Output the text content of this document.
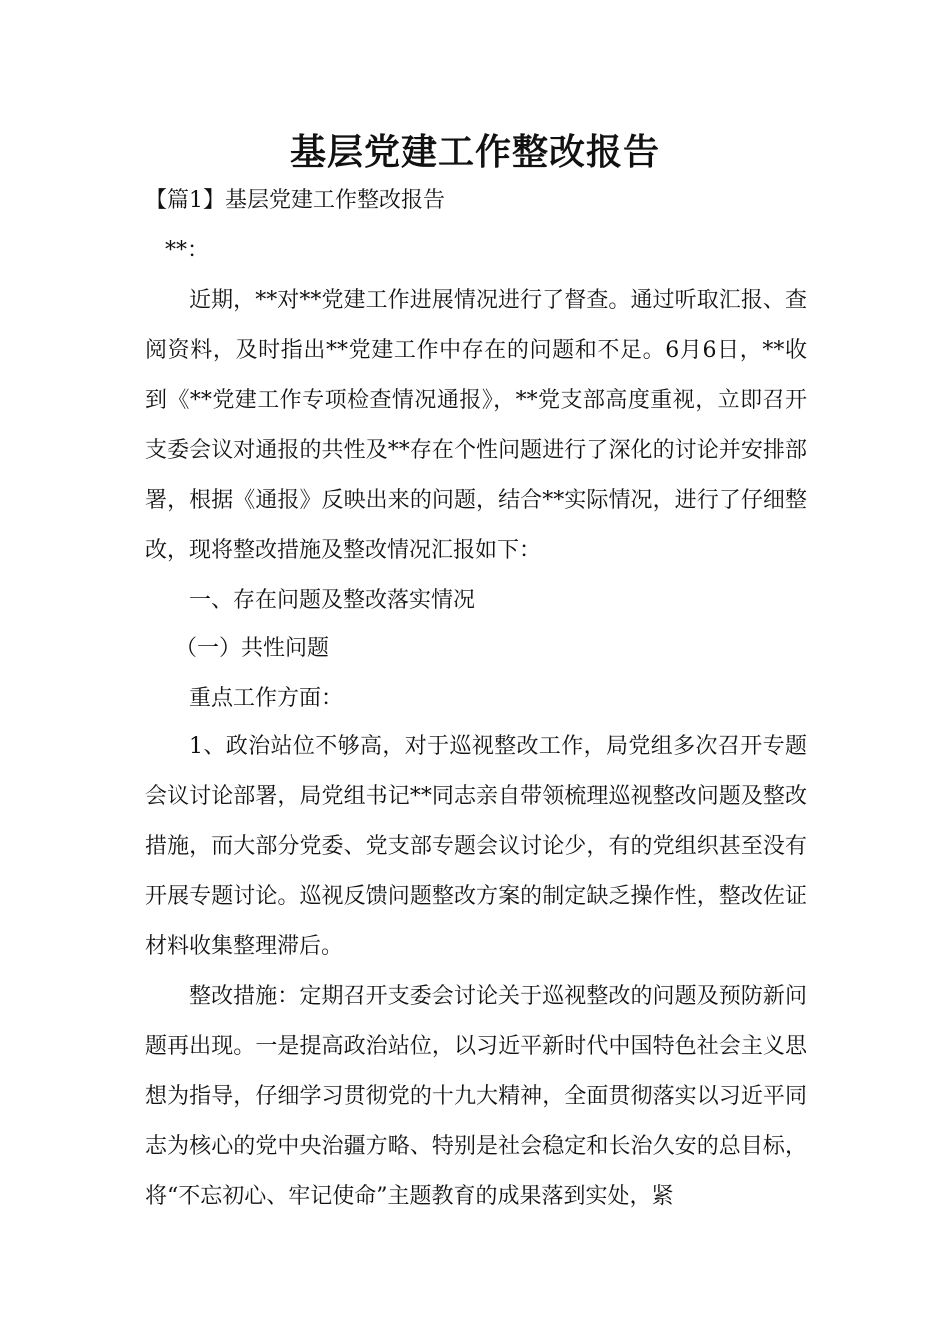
基层党建工作整改报告

【篇1】基层党建工作整改报告

**：

近期，**对**党建工作进展情况进行了督查。通过听取汇报、查阅资料，及时指出**党建工作中存在的问题和不足。6月6日，**收到《**党建工作专项检查情况通报》，**党支部高度重视，立即召开支委会议对通报的共性及**存在个性问题进行了深化的讨论并安排部署，根据《通报》反映出来的问题，结合**实际情况，进行了仔细整改，现将整改措施及整改情况汇报如下：

一、存在问题及整改落实情况

（一）共性问题

重点工作方面：

1、政治站位不够高，对于巡视整改工作，局党组多次召开专题会议讨论部署，局党组书记**同志亲自带领梳理巡视整改问题及整改措施，而大部分党委、党支部专题会议讨论少，有的党组织甚至没有开展专题讨论。巡视反馈问题整改方案的制定缺乏操作性，整改佐证材料收集整理滞后。

整改措施：定期召开支委会讨论关于巡视整改的问题及预防新问题再出现。一是提高政治站位，以习近平新时代中国特色社会主义思想为指导，仔细学习贯彻党的十九大精神，全面贯彻落实以习近平同志为核心的党中央治疆方略、特别是社会稳定和长治久安的总目标，将“不忘初心、牢记使命”主题教育的成果落到实处，紧
